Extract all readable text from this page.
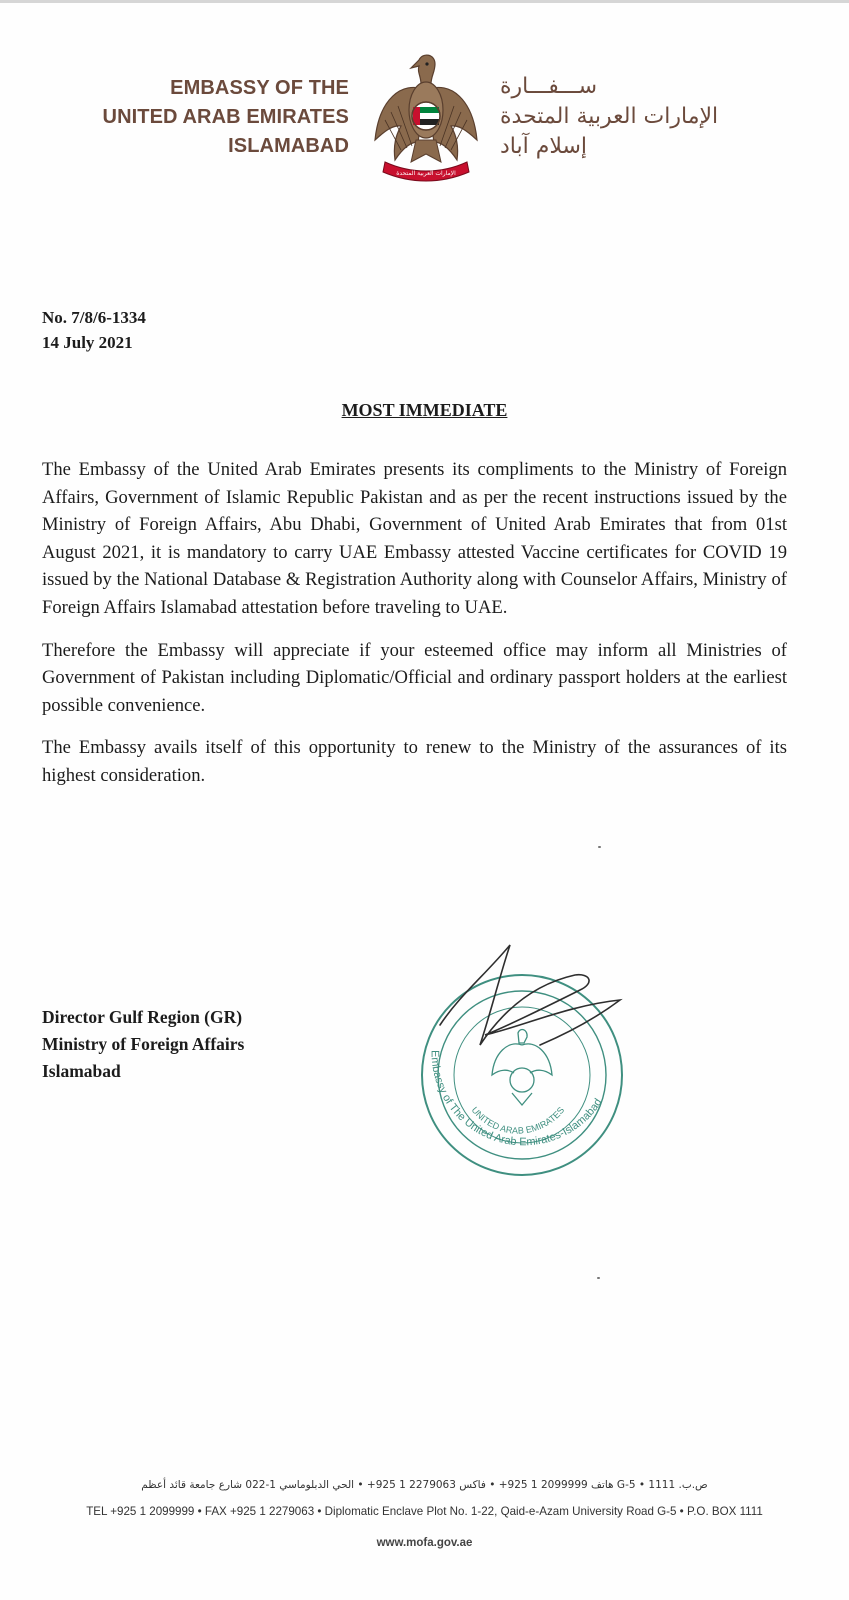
EMBASSY OF THE
UNITED ARAB EMIRATES
ISLAMABAD
الإمارات العربية المتحدة
ســـفـــارة
الإمارات العربية المتحدة
إسلام آباد
No. 7/8/6-1334
14 July 2021
MOST IMMEDIATE

The Embassy of the United Arab Emirates presents its compliments to the Ministry of Foreign Affairs, Government of Islamic Republic Pakistan and as per the recent instructions issued by the Ministry of Foreign Affairs, Abu Dhabi, Government of United Arab Emirates that from 01st August 2021, it is mandatory to carry UAE Embassy attested Vaccine certificates for COVID 19 issued by the National Database & Registration Authority along with Counselor Affairs, Ministry of Foreign Affairs Islamabad attestation before traveling to UAE.

Therefore the Embassy will appreciate if your esteemed office may inform all Ministries of Government of Pakistan including Diplomatic/Official and ordinary passport holders at the earliest possible convenience.

The Embassy avails itself of this opportunity to renew to the Ministry of the assurances of its highest consideration.

Director Gulf Region (GR)
Ministry of Foreign Affairs
Islamabad
Embassy of The United Arab Emirates-Islamabad
UNITED ARAB EMIRATES
هاتف 2099999 1 925+ • فاكس 2279063 1 925+ • الحي الدبلوماسي 1-022 شارع جامعة قائد أعظم G-5 • ص.ب. 1111
TEL +925 1 2099999 • FAX +925 1 2279063 • Diplomatic Enclave Plot No. 1-22, Qaid-e-Azam University Road G-5 • P.O. BOX 1111
www.mofa.gov.ae
